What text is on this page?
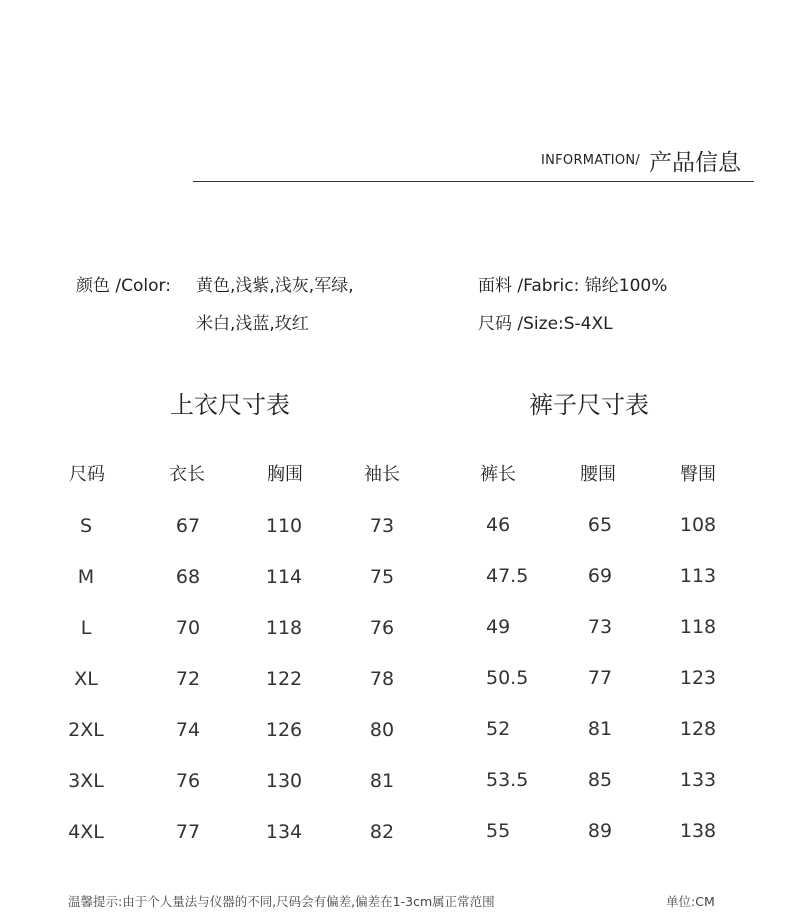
INFORMATION/ 产品信息
颜色 /Color: 黄色,浅紫,浅灰,军绿,
米白,浅蓝,玫红
面料 /Fabric: 锦纶100%
尺码 /Size:S-4XL
上衣尺寸表	裤子尺寸表
尺码	衣长	胸围	袖长	裤长	腰围	臀围
S	67	110	73
M	68	114	75
L	70	118	76
XL	72	122	78
2XL	74	126	80
3XL	76	130	81
4XL	77	134	82
46	65	108
47.5	69	113
49	73	118
50.5	77	123
52	81	128
53.5	85	133
55	89	138
温馨提示:由于个人量法与仪器的不同,尺码会有偏差,偏差在1-3cm属正常范围	单位:CM
